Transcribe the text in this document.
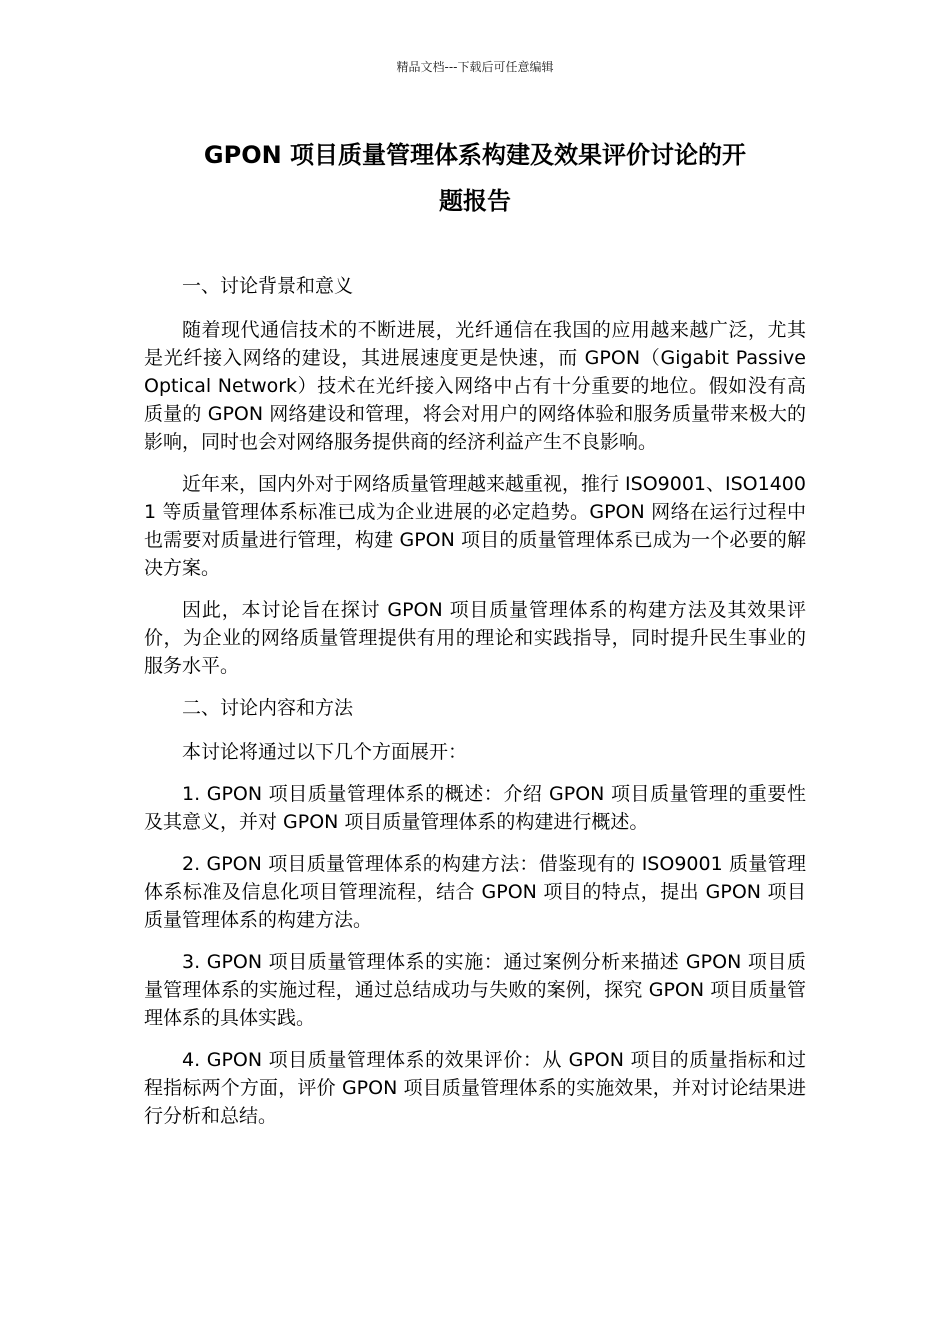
精品文档---下载后可任意编辑
GPON 项目质量管理体系构建及效果评价讨论的开
题报告

一、讨论背景和意义

随着现代通信技术的不断进展，光纤通信在我国的应用越来越广泛，尤其是光纤接入网络的建设，其进展速度更是快速，而 GPON（Gigabit Passive Optical Network）技术在光纤接入网络中占有十分重要的地位。假如没有高质量的 GPON 网络建设和管理，将会对用户的网络体验和服务质量带来极大的影响，同时也会对网络服务提供商的经济利益产生不良影响。

近年来，国内外对于网络质量管理越来越重视，推行 ISO9001、ISO14001 等质量管理体系标准已成为企业进展的必定趋势。GPON 网络在运行过程中也需要对质量进行管理，构建 GPON 项目的质量管理体系已成为一个必要的解决方案。

因此，本讨论旨在探讨 GPON 项目质量管理体系的构建方法及其效果评价，为企业的网络质量管理提供有用的理论和实践指导，同时提升民生事业的服务水平。

二、讨论内容和方法

本讨论将通过以下几个方面展开：

1. GPON 项目质量管理体系的概述：介绍 GPON 项目质量管理的重要性及其意义，并对 GPON 项目质量管理体系的构建进行概述。

2. GPON 项目质量管理体系的构建方法：借鉴现有的 ISO9001 质量管理体系标准及信息化项目管理流程，结合 GPON 项目的特点，提出 GPON 项目质量管理体系的构建方法。

3. GPON 项目质量管理体系的实施：通过案例分析来描述 GPON 项目质量管理体系的实施过程，通过总结成功与失败的案例，探究 GPON 项目质量管理体系的具体实践。

4. GPON 项目质量管理体系的效果评价：从 GPON 项目的质量指标和过程指标两个方面，评价 GPON 项目质量管理体系的实施效果，并对讨论结果进行分析和总结。
